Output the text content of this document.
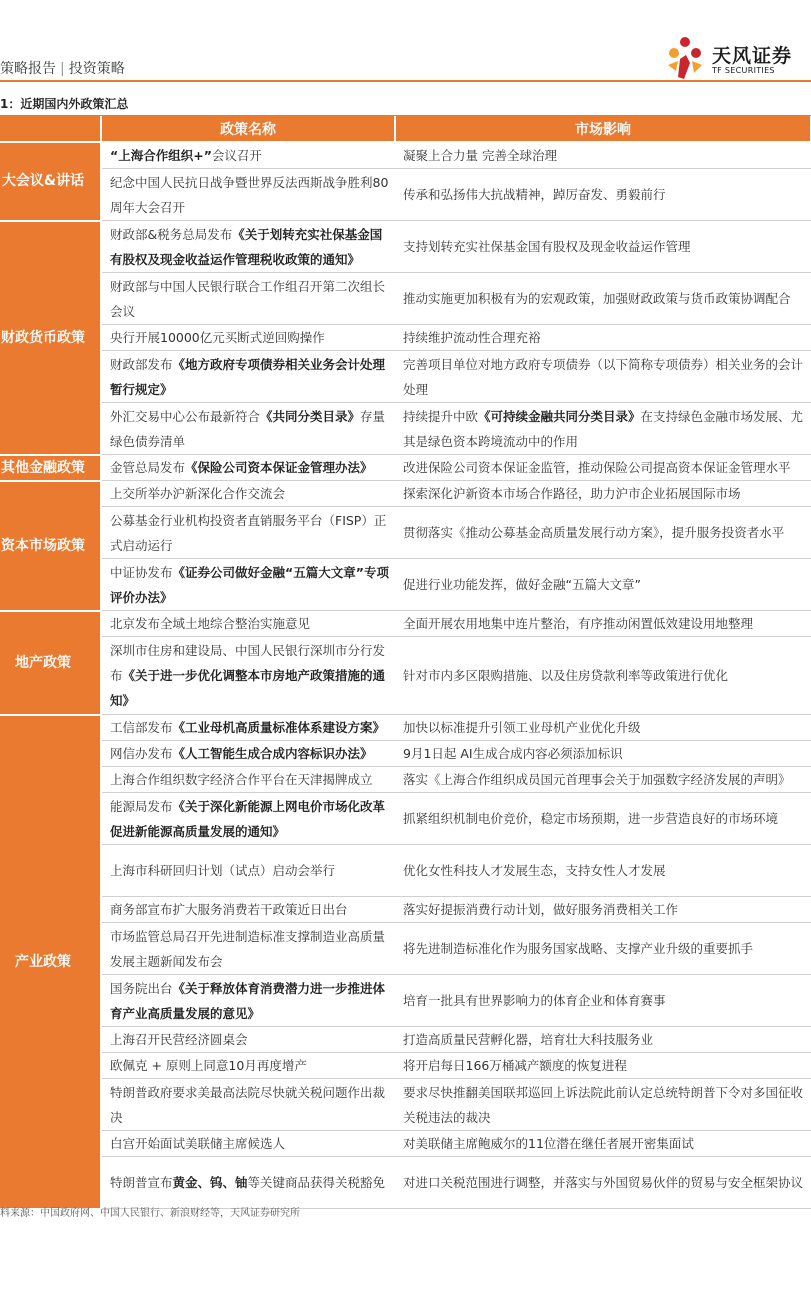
策略报告 | 投资策略
天风证券
TF SECURITIES
1：近期国内外政策汇总
	政策名称	市场影响
大会议&讲话	“上海合作组织+”会议召开	凝聚上合力量 完善全球治理
	纪念中国人民抗日战争暨世界反法西斯战争胜利80周年大会召开	传承和弘扬伟大抗战精神，踔厉奋发、勇毅前行
财政货币政策	财政部&税务总局发布《关于划转充实社保基金国有股权及现金收益运作管理税收政策的通知》	支持划转充实社保基金国有股权及现金收益运作管理
	财政部与中国人民银行联合工作组召开第二次组长会议	推动实施更加积极有为的宏观政策，加强财政政策与货币政策协调配合
	央行开展10000亿元买断式逆回购操作	持续维护流动性合理充裕
	财政部发布《地方政府专项债券相关业务会计处理暂行规定》	完善项目单位对地方政府专项债券（以下简称专项债券）相关业务的会计处理
	外汇交易中心公布最新符合《共同分类目录》存量绿色债券清单	持续提升中欧《可持续金融共同分类目录》在支持绿色金融市场发展、尤其是绿色资本跨境流动中的作用
其他金融政策	金管总局发布《保险公司资本保证金管理办法》	改进保险公司资本保证金监管，推动保险公司提高资本保证金管理水平
资本市场政策	上交所举办沪新深化合作交流会	探索深化沪新资本市场合作路径，助力沪市企业拓展国际市场
	公募基金行业机构投资者直销服务平台（FISP）正式启动运行	贯彻落实《推动公募基金高质量发展行动方案》，提升服务投资者水平
	中证协发布《证券公司做好金融“五篇大文章”专项评价办法》	促进行业功能发挥，做好金融“五篇大文章”
地产政策	北京发布全域土地综合整治实施意见	全面开展农用地集中连片整治，有序推动闲置低效建设用地整理
	深圳市住房和建设局、中国人民银行深圳市分行发布《关于进一步优化调整本市房地产政策措施的通知》	针对市内多区限购措施、以及住房贷款利率等政策进行优化
产业政策	工信部发布《工业母机高质量标准体系建设方案》	加快以标准提升引领工业母机产业优化升级
	网信办发布《人工智能生成合成内容标识办法》	9月1日起 AI生成合成内容必须添加标识
	上海合作组织数字经济合作平台在天津揭牌成立	落实《上海合作组织成员国元首理事会关于加强数字经济发展的声明》
	能源局发布《关于深化新能源上网电价市场化改革促进新能源高质量发展的通知》	抓紧组织机制电价竞价，稳定市场预期，进一步营造良好的市场环境
	上海市科研回归计划（试点）启动会举行	优化女性科技人才发展生态，支持女性人才发展
	商务部宣布扩大服务消费若干政策近日出台	落实好提振消费行动计划，做好服务消费相关工作
	市场监管总局召开先进制造标准支撑制造业高质量发展主题新闻发布会	将先进制造标准化作为服务国家战略、支撑产业升级的重要抓手
	国务院出台《关于释放体育消费潜力进一步推进体育产业高质量发展的意见》	培育一批具有世界影响力的体育企业和体育赛事
	上海召开民营经济圆桌会	打造高质量民营孵化器，培育壮大科技服务业
	欧佩克 + 原则上同意10月再度增产	将开启每日166万桶减产额度的恢复进程
	特朗普政府要求美最高法院尽快就关税问题作出裁决	要求尽快推翻美国联邦巡回上诉法院此前认定总统特朗普下令对多国征收关税违法的裁决
	白宫开始面试美联储主席候选人	对美联储主席鲍威尔的11位潜在继任者展开密集面试
	特朗普宣布黄金、钨、铀等关键商品获得关税豁免	对进口关税范围进行调整，并落实与外国贸易伙伴的贸易与安全框架协议
料来源：中国政府网、中国人民银行、新浪财经等，天风证券研究所
